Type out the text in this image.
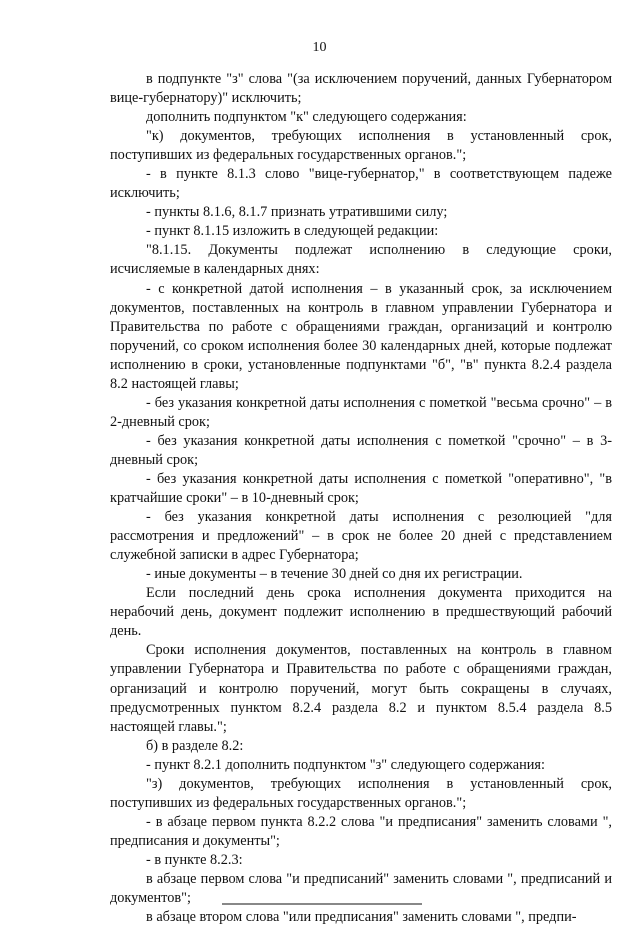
10

в подпункте "з" слова "(за исключением поручений, данных Губернатором вице-губернатору)" исключить;

дополнить подпунктом "к" следующего содержания:

"к) документов, требующих исполнения в установленный срок, поступивших из федеральных государственных органов.";

- в пункте 8.1.3 слово "вице-губернатор," в соответствующем падеже исключить;

- пункты 8.1.6, 8.1.7 признать утратившими силу;

- пункт 8.1.15 изложить в следующей редакции:

"8.1.15. Документы подлежат исполнению в следующие сроки, исчисляемые в календарных днях:

- с конкретной датой исполнения – в указанный срок, за исключением документов, поставленных на контроль в главном управлении Губернатора и Правительства по работе с обращениями граждан, организаций и контролю поручений, со сроком исполнения более 30 календарных дней, которые подлежат исполнению в сроки, установленные подпунктами "б", "в" пункта 8.2.4 раздела 8.2 настоящей главы;

- без указания конкретной даты исполнения с пометкой "весьма срочно" – в 2-дневный срок;

- без указания конкретной даты исполнения с пометкой "срочно" – в 3-дневный срок;

- без указания конкретной даты исполнения с пометкой "оперативно", "в кратчайшие сроки" – в 10-дневный срок;

- без указания конкретной даты исполнения с резолюцией "для рассмотрения и предложений" – в срок не более 20 дней с представлением служебной записки в адрес Губернатора;

- иные документы – в течение 30 дней со дня их регистрации.

Если последний день срока исполнения документа приходится на нерабочий день, документ подлежит исполнению в предшествующий рабочий день.

Сроки исполнения документов, поставленных на контроль в главном управлении Губернатора и Правительства по работе с обращениями граждан, организаций и контролю поручений, могут быть сокращены в случаях, предусмотренных пунктом 8.2.4 раздела 8.2 и пунктом 8.5.4 раздела 8.5 настоящей главы.";

б) в разделе 8.2:

- пункт 8.2.1 дополнить подпунктом "з" следующего содержания:

"з) документов, требующих исполнения в установленный срок, поступивших из федеральных государственных органов.";

- в абзаце первом пункта 8.2.2 слова "и предписания" заменить словами ", предписания и документы";

- в пункте 8.2.3:

в абзаце первом слова "и предписаний" заменить словами ", предписаний и документов";

в абзаце втором слова "или предписания" заменить словами ", предпи-
